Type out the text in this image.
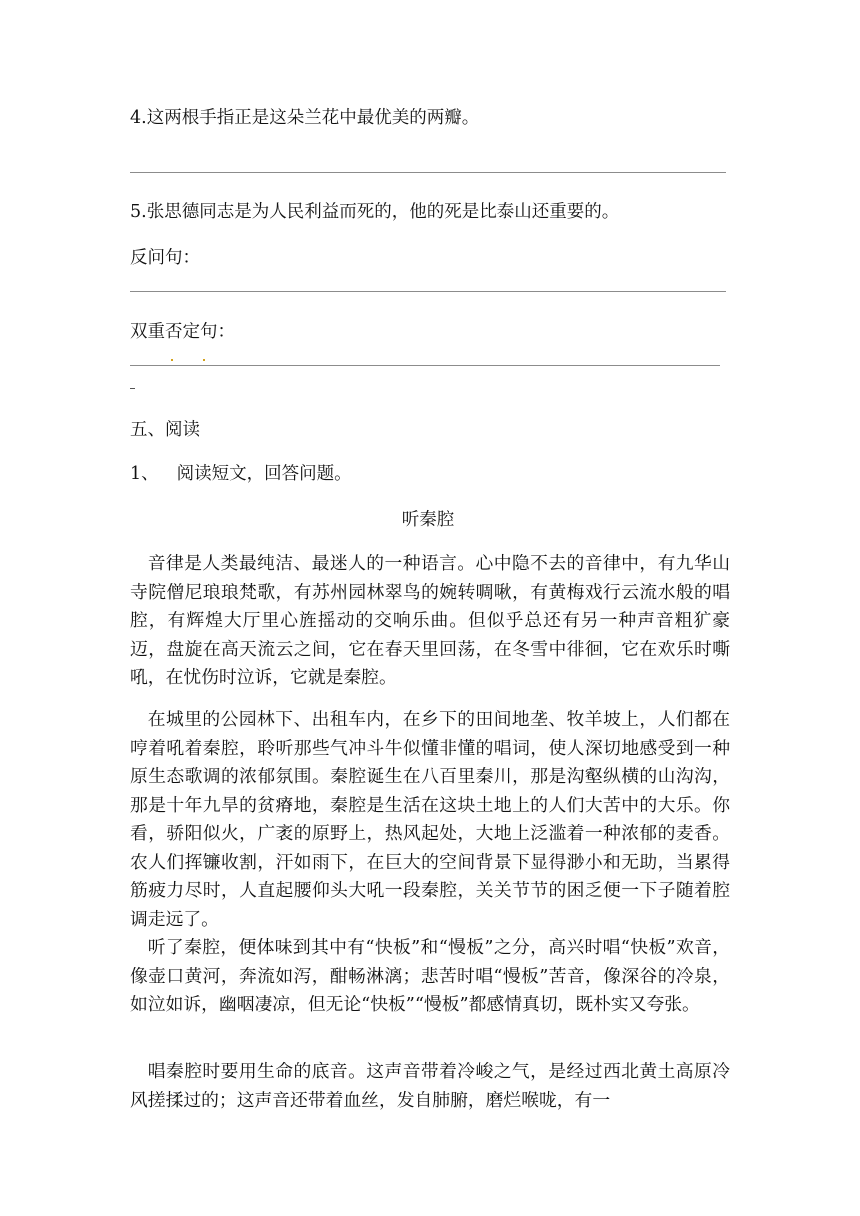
4.这两根手指正是这朵兰花中最优美的两瓣。
5.张思德同志是为人民利益而死的，他的死是比泰山还重要的。
反问句：
双重否定句：
五、阅读
1、 阅读短文，回答问题。
听秦腔

音律是人类最纯洁、最迷人的一种语言。心中隐不去的音律中，有九华山寺院僧尼琅琅梵歌，有苏州园林翠鸟的婉转啁啾，有黄梅戏行云流水般的唱腔，有辉煌大厅里心旌摇动的交响乐曲。但似乎总还有另一种声音粗犷豪迈，盘旋在高天流云之间，它在春天里回荡，在冬雪中徘徊，它在欢乐时嘶吼，在忧伤时泣诉，它就是秦腔。

在城里的公园林下、出租车内，在乡下的田间地垄、牧羊坡上，人们都在哼着吼着秦腔，聆听那些气冲斗牛似懂非懂的唱词，使人深切地感受到一种原生态歌调的浓郁氛围。秦腔诞生在八百里秦川，那是沟壑纵横的山沟沟，那是十年九旱的贫瘠地，秦腔是生活在这块土地上的人们大苦中的大乐。你看，骄阳似火，广袤的原野上，热风起处，大地上泛滥着一种浓郁的麦香。农人们挥镰收割，汗如雨下，在巨大的空间背景下显得渺小和无助，当累得筋疲力尽时，人直起腰仰头大吼一段秦腔，关关节节的困乏便一下子随着腔调走远了。

听了秦腔，便体味到其中有“快板”和“慢板”之分，高兴时唱“快板”欢音，像壶口黄河，奔流如泻，酣畅淋漓；悲苦时唱“慢板”苦音，像深谷的冷泉，如泣如诉，幽咽凄凉，但无论“快板”“慢板”都感情真切，既朴实又夸张。

唱秦腔时要用生命的底音。这声音带着冷峻之气，是经过西北黄土高原冷风搓揉过的；这声音还带着血丝，发自肺腑，磨烂喉咙，有一
